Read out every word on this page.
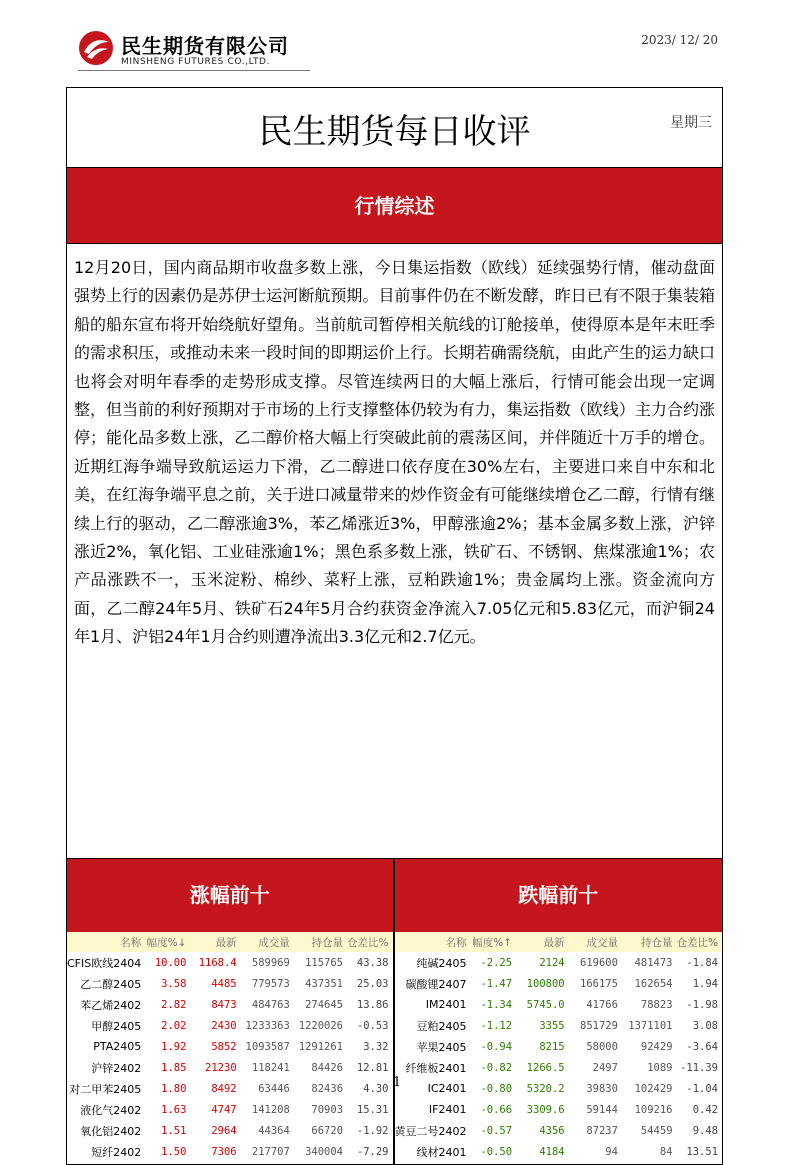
民生期货有限公司
MINSHENG FUTURES CO.,LTD.
2023/ 12/ 20
民生期货每日收评	星期三
行情综述
12月20日，国内商品期市收盘多数上涨，今日集运指数（欧线）延续强势行情，催动盘面强势上行的因素仍是苏伊士运河断航预期。目前事件仍在不断发酵，昨日已有不限于集装箱船的船东宣布将开始绕航好望角。当前航司暂停相关航线的订舱接单，使得原本是年末旺季的需求积压，或推动未来一段时间的即期运价上行。长期若确需绕航，由此产生的运力缺口也将会对明年春季的走势形成支撑。尽管连续两日的大幅上涨后，行情可能会出现一定调整，但当前的利好预期对于市场的上行支撑整体仍较为有力，集运指数（欧线）主力合约涨停；能化品多数上涨，乙二醇价格大幅上行突破此前的震荡区间，并伴随近十万手的增仓。近期红海争端导致航运运力下滑，乙二醇进口依存度在30%左右，主要进口来自中东和北美，在红海争端平息之前，关于进口减量带来的炒作资金有可能继续增仓乙二醇，行情有继续上行的驱动，乙二醇涨逾3%，苯乙烯涨近3%，甲醇涨逾2%；基本金属多数上涨，沪锌涨近2%，氧化铝、工业硅涨逾1%；黑色系多数上涨，铁矿石、不锈钢、焦煤涨逾1%；农产品涨跌不一，玉米淀粉、棉纱、菜籽上涨，豆粕跌逾1%；贵金属均上涨。资金流向方面，乙二醇24年5月、铁矿石24年5月合约获资金净流入7.05亿元和5.83亿元，而沪铜24年1月、沪铝24年1月合约则遭净流出3.3亿元和2.7亿元。
涨幅前十
名称	幅度%↓	最新	成交量	持仓量	仓差比%
CFIS欧线2404	10.00	1168.4	589969	115765	43.38
乙二醇2405	3.58	4485	779573	437351	25.03
苯乙烯2402	2.82	8473	484763	274645	13.86
甲醇2405	2.02	2430	1233363	1220026	-0.53
PTA2405	1.92	5852	1093587	1291261	3.32
沪锌2402	1.85	21230	118241	84426	12.81
对二甲苯2405	1.80	8492	63446	82436	4.30
液化气2402	1.63	4747	141208	70903	15.31
氧化铝2402	1.51	2964	44364	66720	-1.92
短纤2402	1.50	7306	217707	340004	-7.29
跌幅前十
名称	幅度%↑	最新	成交量	持仓量	仓差比%
纯碱2405	-2.25	2124	619600	481473	-1.84
碳酸锂2407	-1.47	100800	166175	162654	1.94
IM2401	-1.34	5745.0	41766	78823	-1.98
豆粕2405	-1.12	3355	851729	1371101	3.08
苹果2405	-0.94	8215	58000	92429	-3.64
纤维板2401	-0.82	1266.5	2497	1089	-11.39
IC2401	-0.80	5320.2	39830	102429	-1.04
IF2401	-0.66	3309.6	59144	109216	0.42
黄豆二号2402	-0.57	4356	87237	54459	9.48
线材2401	-0.50	4184	94	84	13.51
1
